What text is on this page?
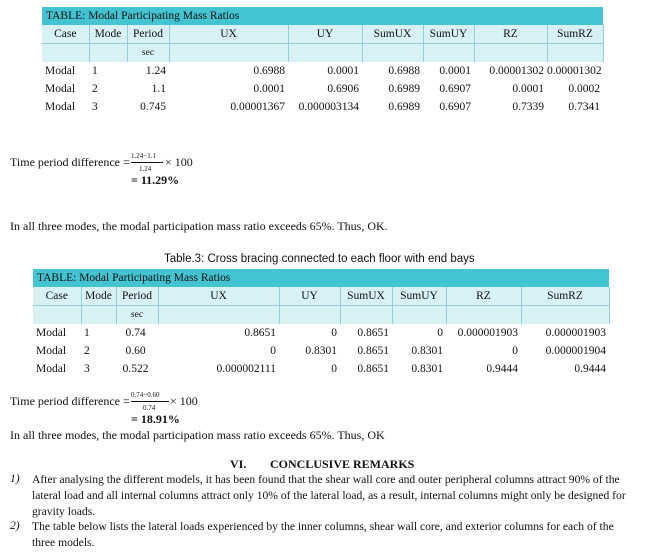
TABLE: Modal Participating Mass Ratios								
Case	Mode	Period	UX	UY	SumUX	SumUY	RZ	SumRZ
		sec						
Modal	1	1.24	0.6988	0.0001	0.6988	0.0001	0.00001302	0.00001302
Modal	2	1.1	0.0001	0.6906	0.6989	0.6907	0.0001	0.0002
Modal	3	0.745	0.00001367	0.000003134	0.6989	0.6907	0.7339	0.7341
Time period difference = 1.24−1.1
1.24 × 100
= 11.29%
In all three modes, the modal participation mass ratio exceeds 65%. Thus, OK.
Table.3: Cross bracing connected to each floor with end bays
TABLE: Modal Participating Mass Ratios								
Case	Mode	Period	UX	UY	SumUX	SumUY	RZ	SumRZ
		sec						
Modal	1	0.74	0.8651	0	0.8651	0	0.000001903	0.000001903
Modal	2	0.60	0	0.8301	0.8651	0.8301	0	0.000001904
Modal	3	0.522	0.000002111	0	0.8651	0.8301	0.9444	0.9444
Time period difference = 0.74−0.60
0.74 × 100
= 18.91%
In all three modes, the modal participation mass ratio exceeds 65%. Thus, OK
VI. CONCLUSIVE REMARKS
1) After analysing the different models, it has been found that the shear wall core and outer peripheral columns attract 90% of the lateral load and all internal columns attract only 10% of the lateral load, as a result, internal columns might only be designed for gravity loads.
2) The table below lists the lateral loads experienced by the inner columns, shear wall core, and exterior columns for each of the three models.
